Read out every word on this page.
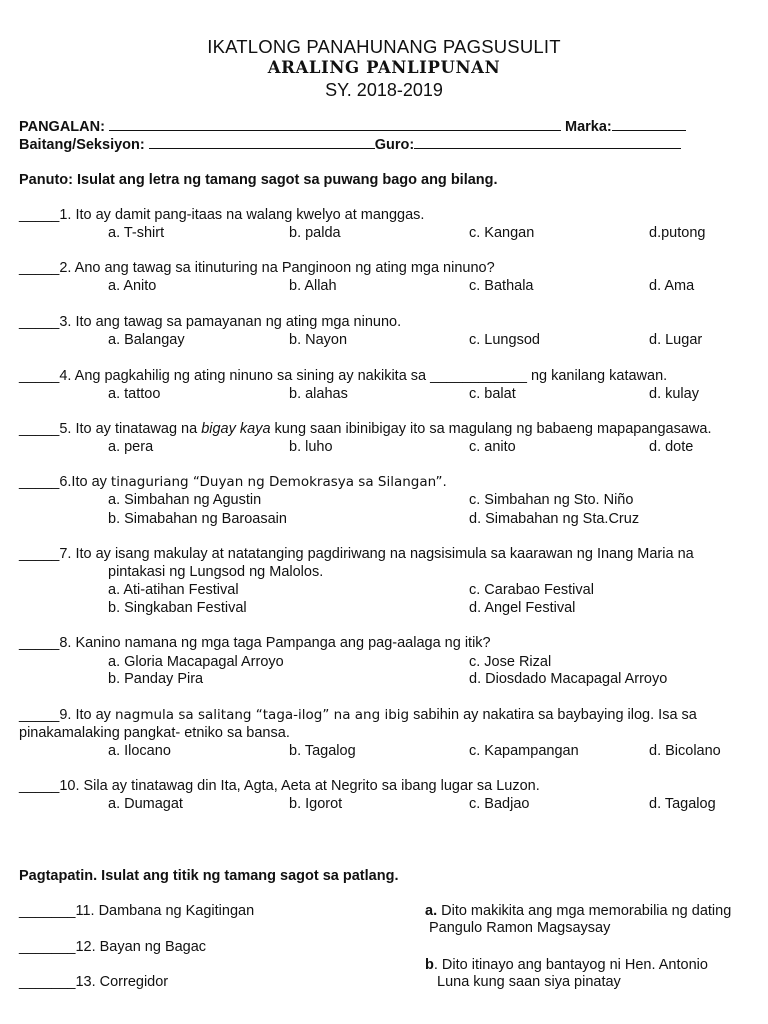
IKATLONG PANAHUNANG PAGSUSULIT
ARALING PANLIPUNAN
SY. 2018-2019
PANGALAN:	Marka:
Baitang/Seksiyon:	Guro:
Panuto: Isulat ang letra ng tamang sagot sa puwang bago ang bilang.
_____1. Ito ay damit pang-itaas na walang kwelyo at manggas.
a. T-shirt	b. palda	c. Kangan	d.putong
_____2. Ano ang tawag sa itinuturing na Panginoon ng ating mga ninuno?
a. Anito	b. Allah	c. Bathala	d. Ama
_____3. Ito ang tawag sa pamayanan ng ating mga ninuno.
a. Balangay	b. Nayon	c. Lungsod	d. Lugar
_____4. Ang pagkahilig ng ating ninuno sa sining ay nakikita sa ____________ ng kanilang katawan.
a. tattoo	b. alahas	c. balat	d. kulay
_____5. Ito ay tinatawag na bigay kaya kung saan ibinibigay ito sa magulang ng babaeng mapapangasawa.
a. pera	b. luho	c. anito	d. dote
_____6.Ito ay tinaguriang “Duyan ng Demokrasya sa Silangan”.
a. Simbahan ng Agustin	c. Simbahan ng Sto. Niño
b. Simabahan ng Baroasain	d. Simabahan ng Sta.Cruz
_____7. Ito ay isang makulay at natatanging pagdiriwang na nagsisimula sa kaarawan ng Inang Maria na
pintakasi ng Lungsod ng Malolos.
a. Ati-atihan Festival	c. Carabao Festival
b. Singkaban Festival	d. Angel Festival
_____8. Kanino namana ng mga taga Pampanga ang pag-aalaga ng itik?
a. Gloria Macapagal Arroyo	c. Jose Rizal
b. Panday Pira	d. Diosdado Macapagal Arroyo
_____9. Ito ay nagmula sa salitang “taga-ilog” na ang ibig sabihin ay nakatira sa baybaying ilog. Isa sa
pinakamalaking pangkat- etniko sa bansa.
a. Ilocano	b. Tagalog	c. Kapampangan	d. Bicolano
_____10. Sila ay tinatawag din Ita, Agta, Aeta at Negrito sa ibang lugar sa Luzon.
a. Dumagat	b. Igorot	c. Badjao	d. Tagalog
Pagtapatin. Isulat ang titik ng tamang sagot sa patlang.
_______11. Dambana ng Kagitingan
_______12. Bayan ng Bagac
_______13. Corregidor
a. Dito makikita ang mga memorabilia ng dating
Pangulo Ramon Magsaysay
b. Dito itinayo ang bantayog ni Hen. Antonio
Luna kung saan siya pinatay
